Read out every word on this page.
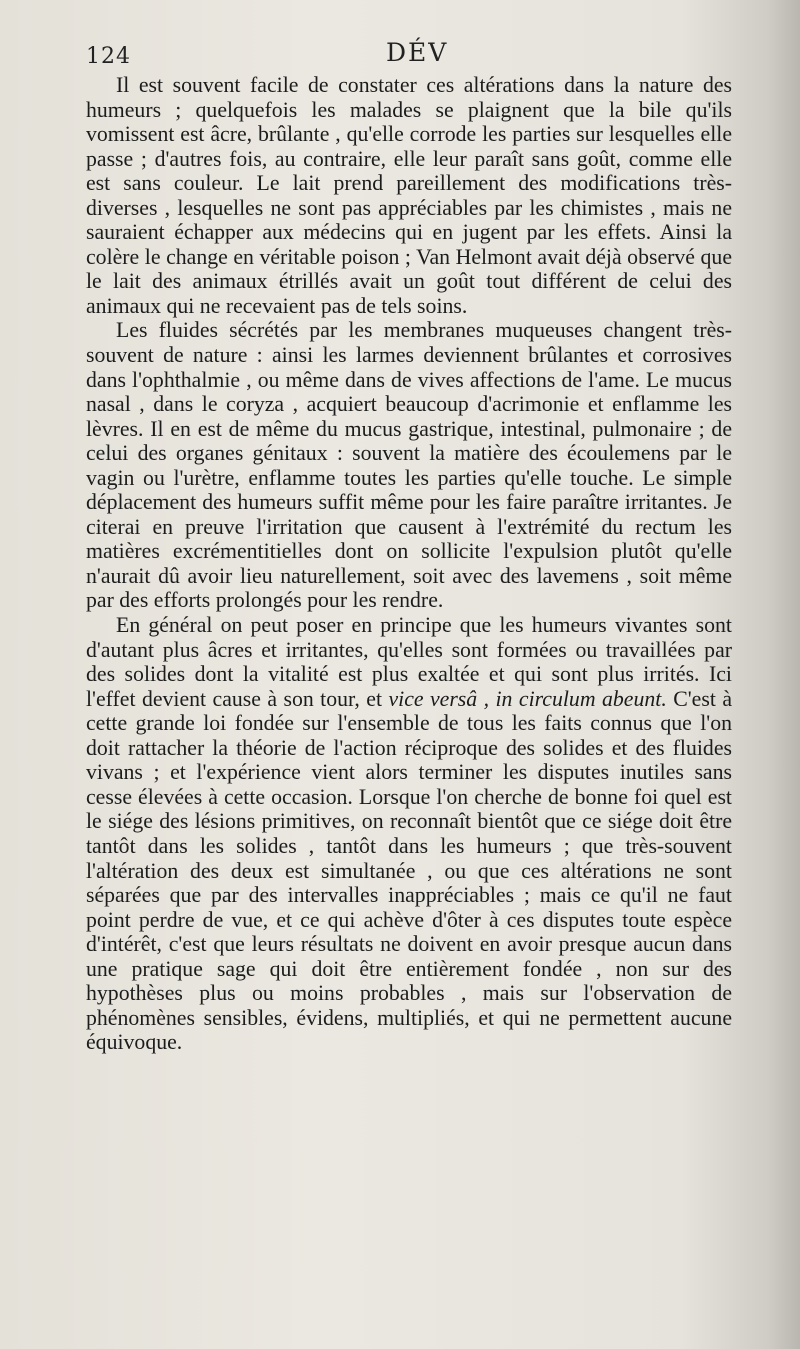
124	DÉV

Il est souvent facile de constater ces altérations dans la nature des humeurs ; quelquefois les malades se plaignent que la bile qu'ils vomissent est âcre, brûlante , qu'elle corrode les parties sur lesquelles elle passe ; d'autres fois, au contraire, elle leur paraît sans goût, comme elle est sans couleur. Le lait prend pareillement des modifications très-diverses , lesquelles ne sont pas appréciables par les chimistes , mais ne sauraient échapper aux médecins qui en jugent par les effets. Ainsi la colère le change en véritable poison ; Van Helmont avait déjà observé que le lait des animaux étrillés avait un goût tout différent de celui des animaux qui ne recevaient pas de tels soins.

Les fluides sécrétés par les membranes muqueuses changent très-souvent de nature : ainsi les larmes deviennent brûlantes et corrosives dans l'ophthalmie , ou même dans de vives affections de l'ame. Le mucus nasal , dans le coryza , acquiert beaucoup d'acrimonie et enflamme les lèvres. Il en est de même du mucus gastrique, intestinal, pulmonaire ; de celui des organes génitaux : souvent la matière des écoulemens par le vagin ou l'urètre, enflamme toutes les parties qu'elle touche. Le simple déplacement des humeurs suffit même pour les faire paraître irritantes. Je citerai en preuve l'irritation que causent à l'extrémité du rectum les matières excrémentitielles dont on sollicite l'expulsion plutôt qu'elle n'aurait dû avoir lieu naturellement, soit avec des lavemens , soit même par des efforts prolongés pour les rendre.

En général on peut poser en principe que les humeurs vivantes sont d'autant plus âcres et irritantes, qu'elles sont formées ou travaillées par des solides dont la vitalité est plus exaltée et qui sont plus irrités. Ici l'effet devient cause à son tour, et vice versâ , in circulum abeunt. C'est à cette grande loi fondée sur l'ensemble de tous les faits connus que l'on doit rattacher la théorie de l'action réciproque des solides et des fluides vivans ; et l'expérience vient alors terminer les disputes inutiles sans cesse élevées à cette occasion. Lorsque l'on cherche de bonne foi quel est le siége des lésions primitives, on reconnaît bientôt que ce siége doit être tantôt dans les solides , tantôt dans les humeurs ; que très-souvent l'altération des deux est simultanée , ou que ces altérations ne sont séparées que par des intervalles inappréciables ; mais ce qu'il ne faut point perdre de vue, et ce qui achève d'ôter à ces disputes toute espèce d'intérêt, c'est que leurs résultats ne doivent en avoir presque aucun dans une pratique sage qui doit être entièrement fondée , non sur des hypothèses plus ou moins probables , mais sur l'observation de phénomènes sensibles, évidens, multipliés, et qui ne permettent aucune équivoque.
